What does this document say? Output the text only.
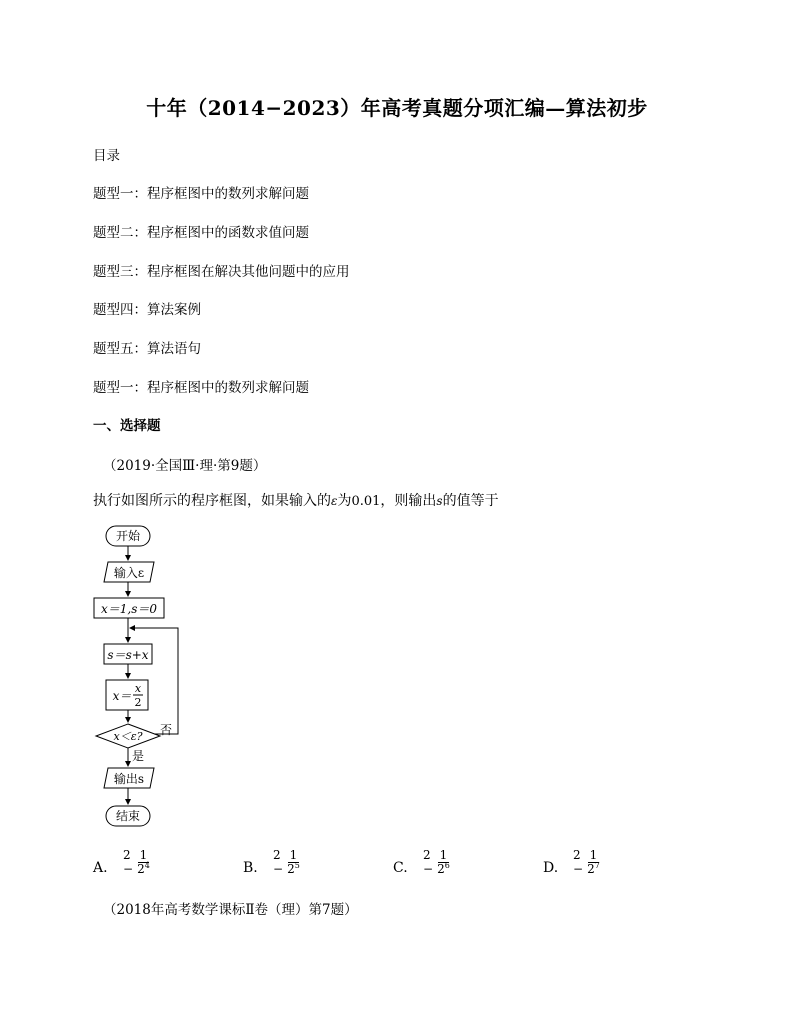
十年（2014−2023）年高考真题分项汇编—算法初步
目录
题型一：程序框图中的数列求解问题
题型二：程序框图中的函数求值问题
题型三：程序框图在解决其他问题中的应用
题型四：算法案例
题型五：算法语句
题型一：程序框图中的数列求解问题
一、选择题
（2019·全国Ⅲ·理·第9题）
执行如图所示的程序框图，如果输入的ε为0.01，则输出s的值等于
开始
输入ε
x＝1,s＝0
否
s＝s+x
x＝
x
2
x＜ε?
是
输出s
结束
A.
$2 - \frac{1}{2^4}$	B.
$2 - \frac{1}{2^5}$	C.
$2 - \frac{1}{2^6}$	D.
$2 - \frac{1}{2^7}$
（2018年高考数学课标Ⅱ卷（理）第7题）
